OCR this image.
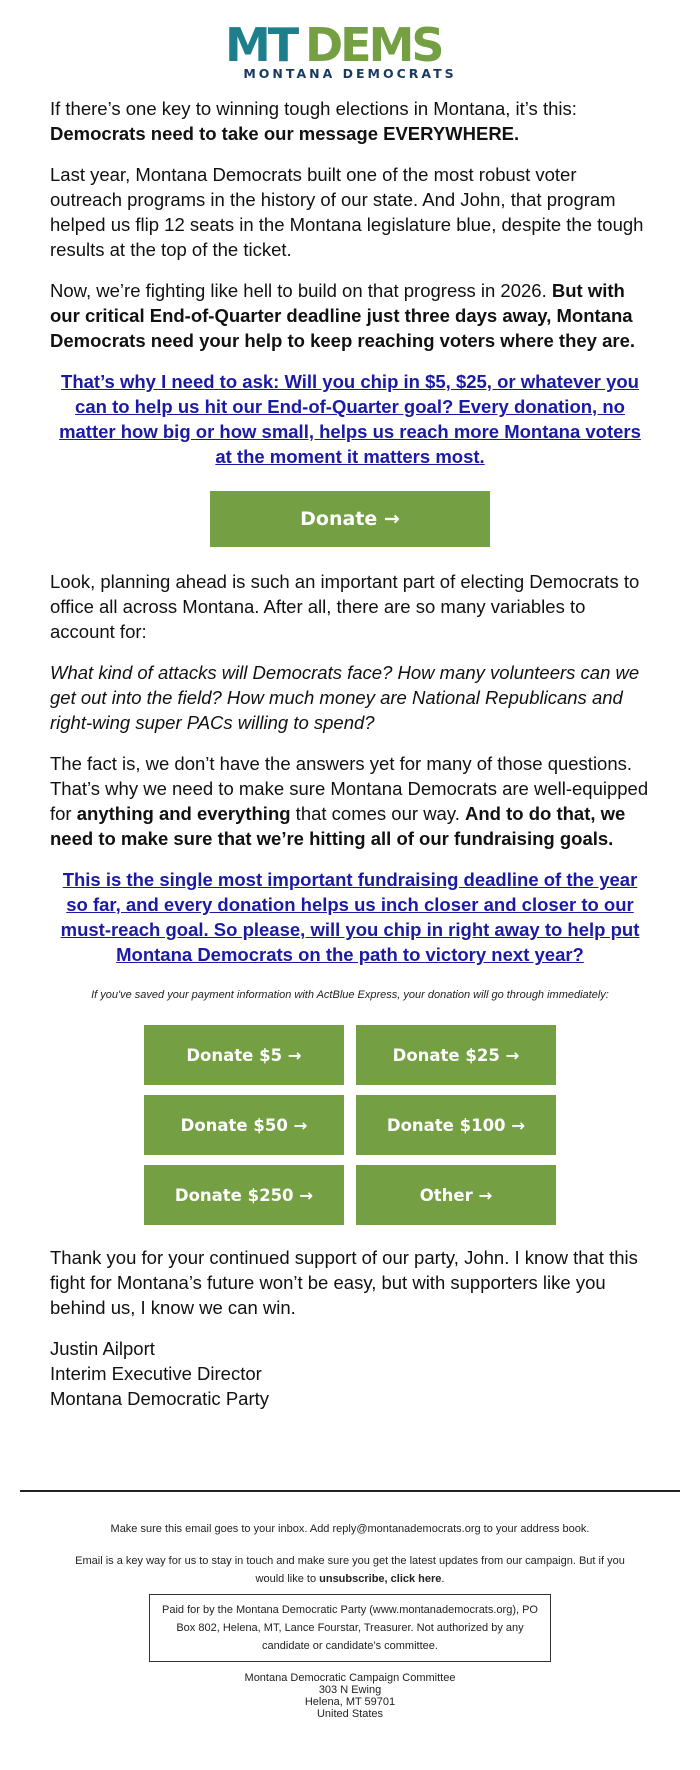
MT DEMS
MONTANA DEMOCRATS

If there’s one key to winning tough elections in Montana, it’s this: Democrats need to take our message EVERYWHERE.

Last year, Montana Democrats built one of the most robust voter outreach programs in the history of our state. And John, that program helped us flip 12 seats in the Montana legislature blue, despite the tough results at the top of the ticket.

Now, we’re fighting like hell to build on that progress in 2026. But with our critical End-of-Quarter deadline just three days away, Montana Democrats need your help to keep reaching voters where they are.

That’s why I need to ask: Will you chip in $5, $25, or whatever you can to help us hit our End-of-Quarter goal? Every donation, no matter how big or how small, helps us reach more Montana voters at the moment it matters most.
Donate →

Look, planning ahead is such an important part of electing Democrats to office all across Montana. After all, there are so many variables to account for:

What kind of attacks will Democrats face? How many volunteers can we get out into the field? How much money are National Republicans and right-wing super PACs willing to spend?

The fact is, we don’t have the answers yet for many of those questions. That’s why we need to make sure Montana Democrats are well-equipped for anything and everything that comes our way. And to do that, we need to make sure that we’re hitting all of our fundraising goals.

This is the single most important fundraising deadline of the year so far, and every donation helps us inch closer and closer to our must-reach goal. So please, will you chip in right away to help put Montana Democrats on the path to victory next year?
If you've saved your payment information with ActBlue Express, your donation will go through immediately:
Donate $5 →	Donate $25 →
Donate $50 →	Donate $100 →
Donate $250 →	Other →

Thank you for your continued support of our party, John. I know that this fight for Montana’s future won’t be easy, but with supporters like you behind us, I know we can win.

Justin Ailport

Interim Executive Director

Montana Democratic Party

Make sure this email goes to your inbox. Add reply@montanademocrats.org to your address book.
Email is a key way for us to stay in touch and make sure you get the latest updates from our campaign. But if you would like to unsubscribe, click here.
Paid for by the Montana Democratic Party (www.montanademocrats.org), PO Box 802, Helena, MT, Lance Fourstar, Treasurer. Not authorized by any candidate or candidate’s committee.
Montana Democratic Campaign Committee
303 N Ewing
Helena, MT 59701
United States
